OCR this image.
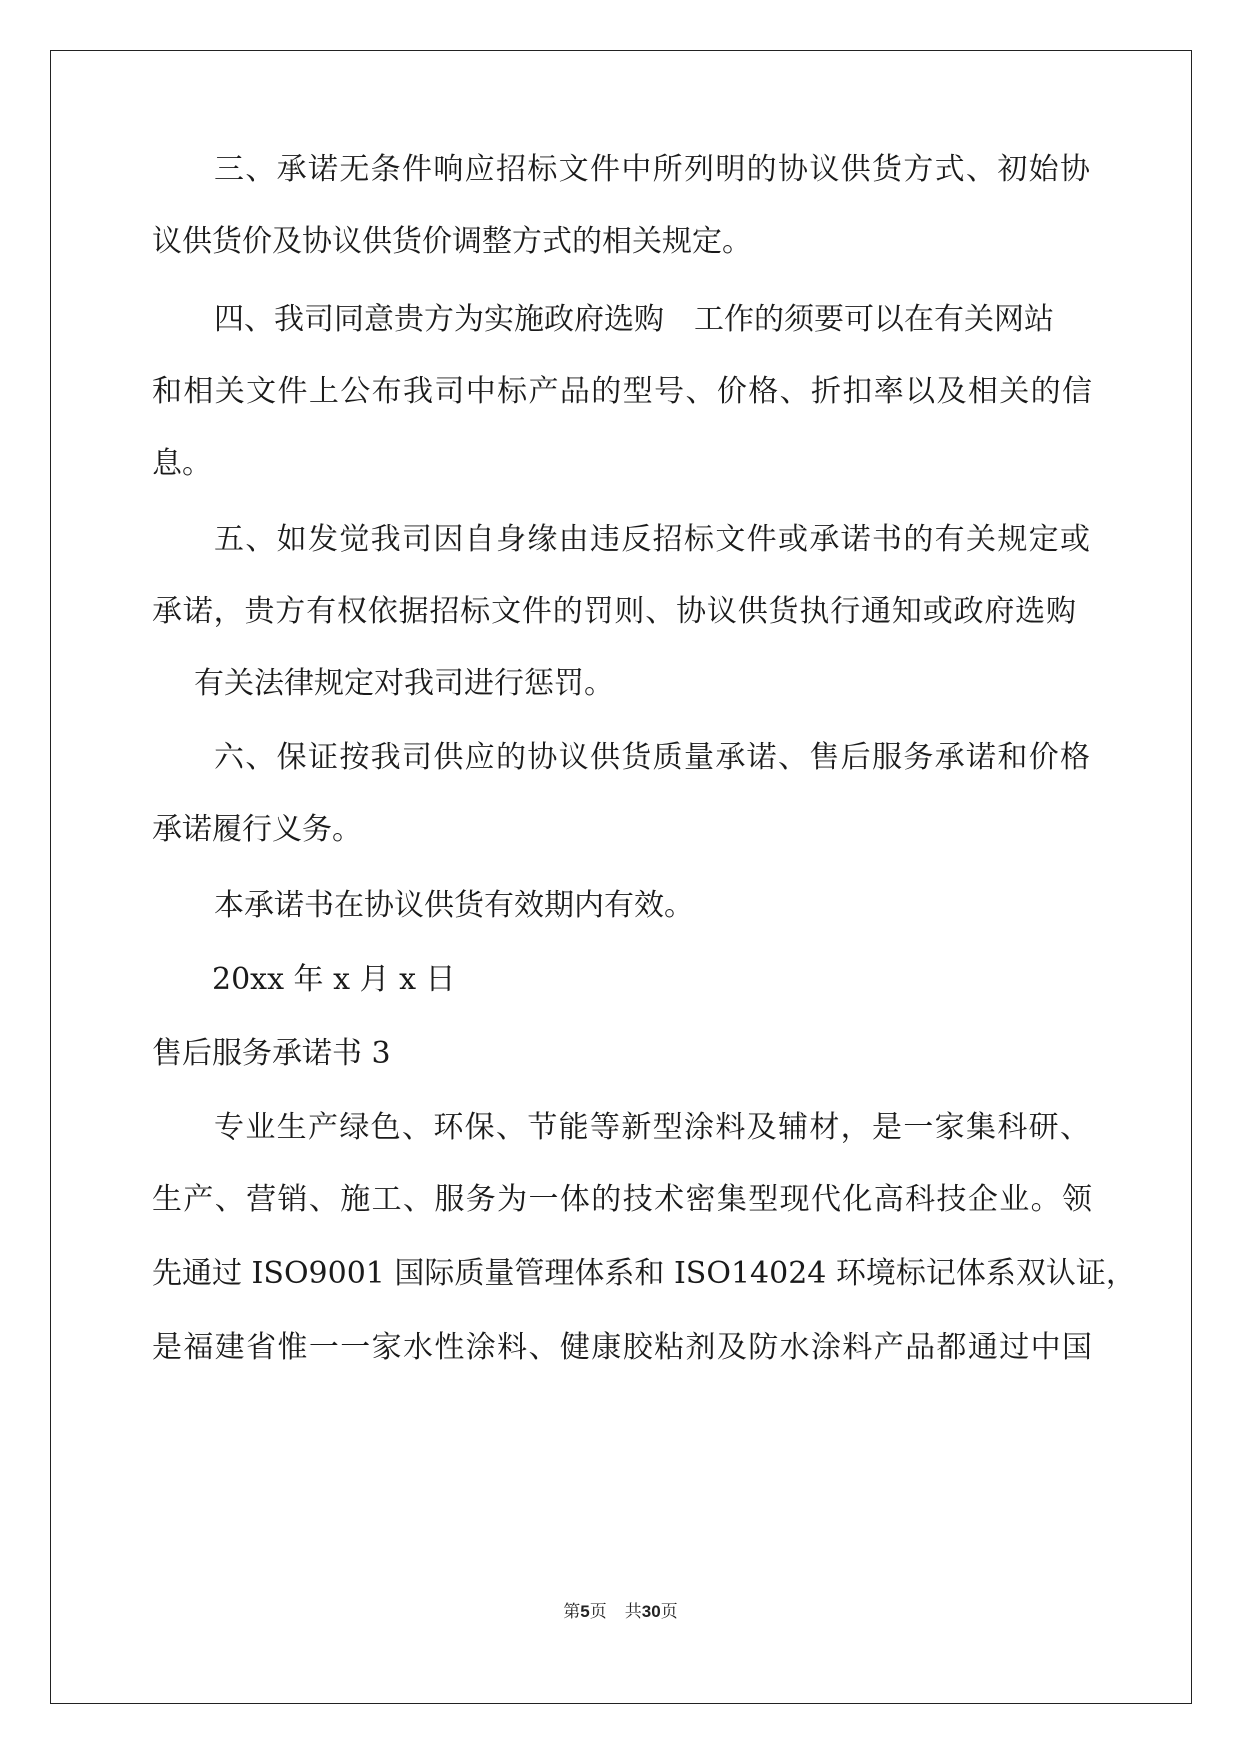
三、承诺无条件响应招标文件中所列明的协议供货方式、初始协
议供货价及协议供货价调整方式的相关规定。
四、我司同意贵方为实施政府选购　工作的须要可以在有关网站
和相关文件上公布我司中标产品的型号、价格、折扣率以及相关的信
息。
五、如发觉我司因自身缘由违反招标文件或承诺书的有关规定或
承诺，贵方有权依据招标文件的罚则、协议供货执行通知或政府选购
有关法律规定对我司进行惩罚。
六、保证按我司供应的协议供货质量承诺、售后服务承诺和价格
承诺履行义务。
本承诺书在协议供货有效期内有效。
20xx 年 x 月 x 日
售后服务承诺书 3
专业生产绿色、环保、节能等新型涂料及辅材，是一家集科研、
生产、营销、施工、服务为一体的技术密集型现代化高科技企业。领
先通过 ISO9001 国际质量管理体系和 ISO14024 环境标记体系双认证，
是福建省惟一一家水性涂料、健康胶粘剂及防水涂料产品都通过中国
第5页 共30页
